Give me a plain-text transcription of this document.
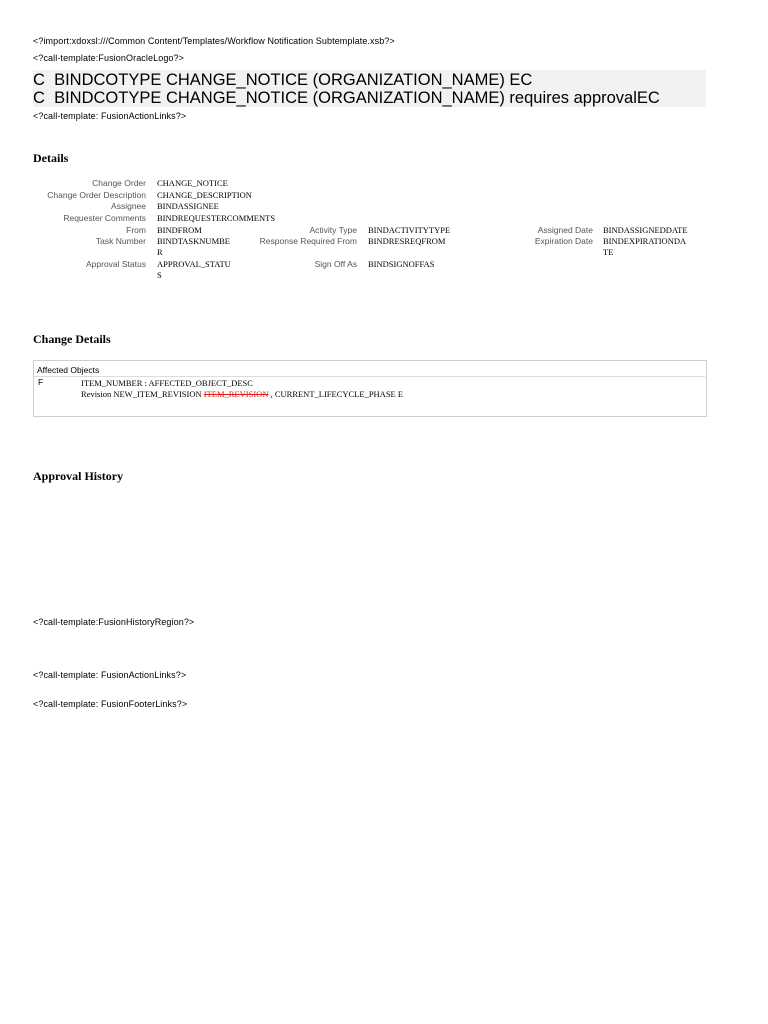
<?import:xdoxsl:///Common Content/Templates/Workflow Notification Subtemplate.xsb?>
<?call-template:FusionOracleLogo?>
C BINDCOTYPE CHANGE_NOTICE (ORGANIZATION_NAME) EC
C BINDCOTYPE CHANGE_NOTICE (ORGANIZATION_NAME) requires approvalEC
<?call-template: FusionActionLinks?>
Details
Change Order
Change Order Description
Assignee
Requester Comments
From
Task Number
Approval Status
CHANGE_NOTICE
CHANGE_DESCRIPTION
BINDASSIGNEE
BINDREQUESTERCOMMENTS
BINDFROM
BINDTASKNUMBE
R
APPROVAL_STATU
S
Activity Type
Response Required From
Sign Off As
BINDACTIVITYTYPE
BINDRESREQFROM
BINDSIGNOFFAS
Assigned Date
Expiration Date
BINDASSIGNEDDATE
BINDEXPIRATIONDA
TE
Change Details
Affected Objects
F	ITEM_NUMBER : AFFECTED_OBJECT_DESC
Revision NEW_ITEM_REVISION ITEM_REVISION , CURRENT_LIFECYCLE_PHASE E
Approval History
<?call-template:FusionHistoryRegion?>
<?call-template: FusionActionLinks?>
<?call-template: FusionFooterLinks?>
